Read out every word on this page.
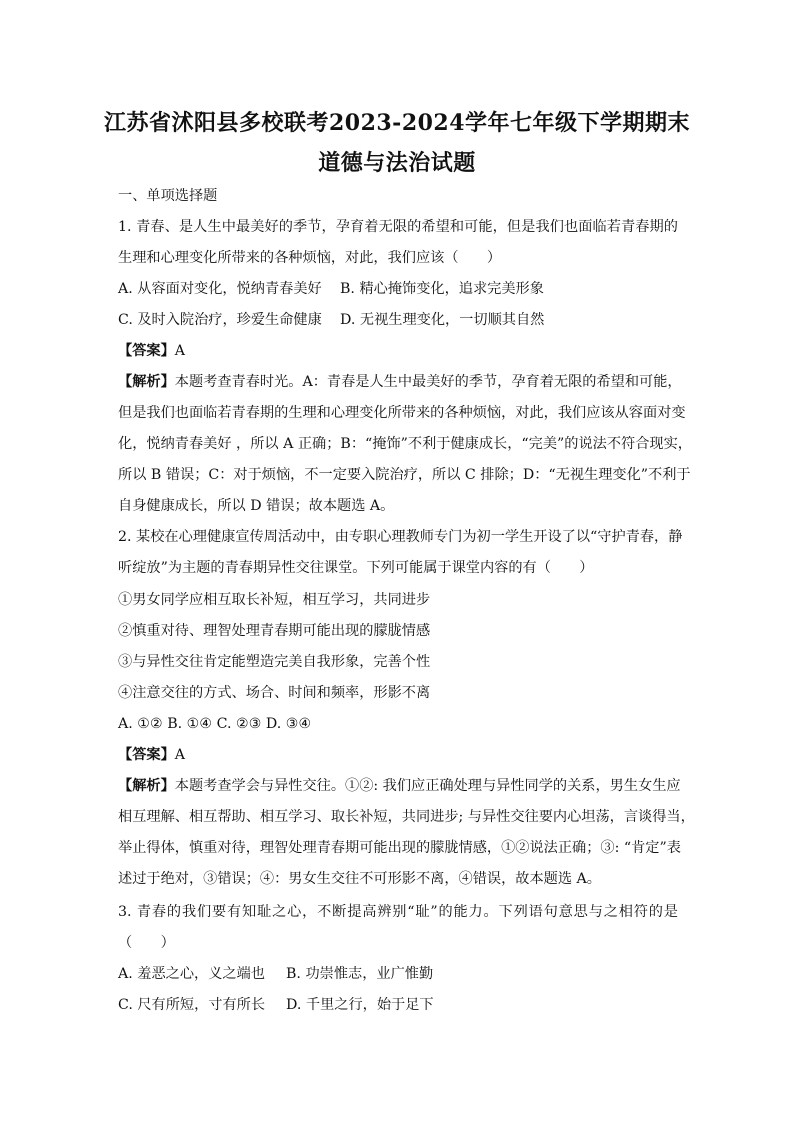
江苏省沭阳县多校联考2023-2024学年七年级下学期期末
道德与法治试题
一、单项选择题
1. 青春、是人生中最美好的季节，孕育着无限的希望和可能，但是我们也面临若青春期的
生理和心理变化所带来的各种烦恼，对此，我们应该（　　）
A. 从容面对变化，悦纳青春美好 B. 精心掩饰变化，追求完美形象
C. 及时入院治疗，珍爱生命健康 D. 无视生理变化，一切顺其自然
【答案】A
【解析】本题考查青春时光。A：青春是人生中最美好的季节，孕育着无限的希望和可能，
但是我们也面临若青春期的生理和心理变化所带来的各种烦恼，对此，我们应该从容面对变
化，悦纳青春美好 ，所以 A 正确；B：“掩饰”不利于健康成长，“完美”的说法不符合现实，
所以 B 错误；C：对于烦恼，不一定要入院治疗，所以 C 排除；D：“无视生理变化”不利于
自身健康成长，所以 D 错误；故本题选 A。
2. 某校在心理健康宣传周活动中，由专职心理教师专门为初一学生开设了以“守护青春，静
听绽放”为主题的青春期异性交往课堂。下列可能属于课堂内容的有（　　）
①男女同学应相互取长补短，相互学习，共同进步
②慎重对待、理智处理青春期可能出现的朦胧情感
③与异性交往肯定能塑造完美自我形象，完善个性
④注意交往的方式、场合、时间和频率，形影不离
A. ①② B. ①④ C. ②③ D. ③④
【答案】A
【解析】本题考查学会与异性交往。①②: 我们应正确处理与异性同学的关系，男生女生应
相互理解、相互帮助、相互学习、取长补短，共同进步; 与异性交往要内心坦荡，言谈得当，
举止得体，慎重对待，理智处理青春期可能出现的朦胧情感，①②说法正确；③: “肯定”表
述过于绝对，③错误；④：男女生交往不可形影不离，④错误，故本题选 A。
3. 青春的我们要有知耻之心，不断提高辨别“耻”的能力。下列语句意思与之相符的是
（　　）
A. 羞恶之心，义之端也 B. 功崇惟志，业广惟勤
C. 尺有所短，寸有所长 D. 千里之行，始于足下
